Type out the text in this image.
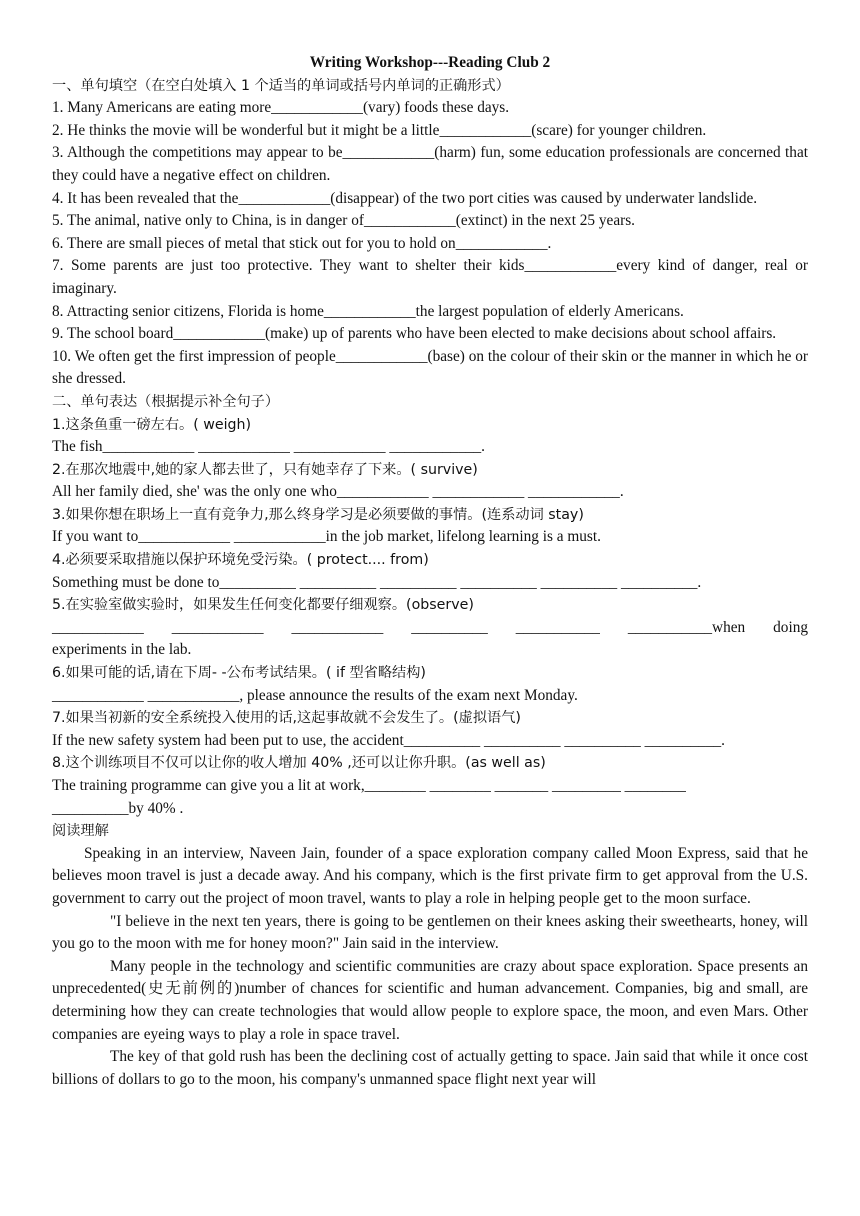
Writing Workshop---Reading Club 2

一、单句填空（在空白处填入 1 个适当的单词或括号内单词的正确形式）

1. Many Americans are eating more____________(vary) foods these days.

2. He thinks the movie will be wonderful but it might be a little____________(scare) for younger children.

3. Although the competitions may appear to be____________(harm) fun, some education professionals are concerned that they could have a negative effect on children.

4. It has been revealed that the____________(disappear) of the two port cities was caused by underwater landslide.

5. The animal, native only to China, is in danger of____________(extinct) in the next 25 years.

6. There are small pieces of metal that stick out for you to hold on____________.

7. Some parents are just too protective. They want to shelter their kids____________every kind of danger, real or imaginary.

8. Attracting senior citizens, Florida is home____________the largest population of elderly Americans.

9. The school board____________(make) up of parents who have been elected to make decisions about school affairs.

10. We often get the first impression of people____________(base) on the colour of their skin or the manner in which he or she dressed.

二、单句表达（根据提示补全句子）

1.这条鱼重一磅左右。( weigh)

The fish____________ ____________ ____________ ____________.

2.在那次地震中,她的家人都去世了，只有她幸存了下来。( survive)

All her family died, she' was the only one who____________ ____________ ____________.

3.如果你想在职场上一直有竞争力,那么终身学习是必须要做的事情。(连系动词 stay)

If you want to____________ ____________in the job market, lifelong learning is a must.

4.必须要采取措施以保护环境免受污染。( protect.... from)

Something must be done to__________ __________ __________ __________ __________ __________.

5.在实验室做实验时，如果发生任何变化都要仔细观察。(observe)

____________ ____________ ____________ __________ ___________ ___________when doing

experiments in the lab.

6.如果可能的话,请在下周- -公布考试结果。( if 型省略结构)

____________ ____________, please announce the results of the exam next Monday.

7.如果当初新的安全系统投入使用的话,这起事故就不会发生了。(虚拟语气)

If the new safety system had been put to use, the accident__________ __________ __________ __________.

8.这个训练项目不仅可以让你的收人增加 40% ,还可以让你升职。(as well as)

The training programme can give you a lit at work,________ ________ _______ _________ ________

__________by 40% .

阅读理解

Speaking in an interview, Naveen Jain, founder of a space exploration company called Moon Express, said that he believes moon travel is just a decade away. And his company, which is the first private firm to get approval from the U.S. government to carry out the project of moon travel, wants to play a role in helping people get to the moon surface.

"I believe in the next ten years, there is going to be gentlemen on their knees asking their sweethearts, honey, will you go to the moon with me for honey moon?" Jain said in the interview.

Many people in the technology and scientific communities are crazy about space exploration. Space presents an unprecedented(史无前例的)number of chances for scientific and human advancement. Companies, big and small, are determining how they can create technologies that would allow people to explore space, the moon, and even Mars. Other companies are eyeing ways to play a role in space travel.

The key of that gold rush has been the declining cost of actually getting to space. Jain said that while it once cost billions of dollars to go to the moon, his company's unmanned space flight next year will
